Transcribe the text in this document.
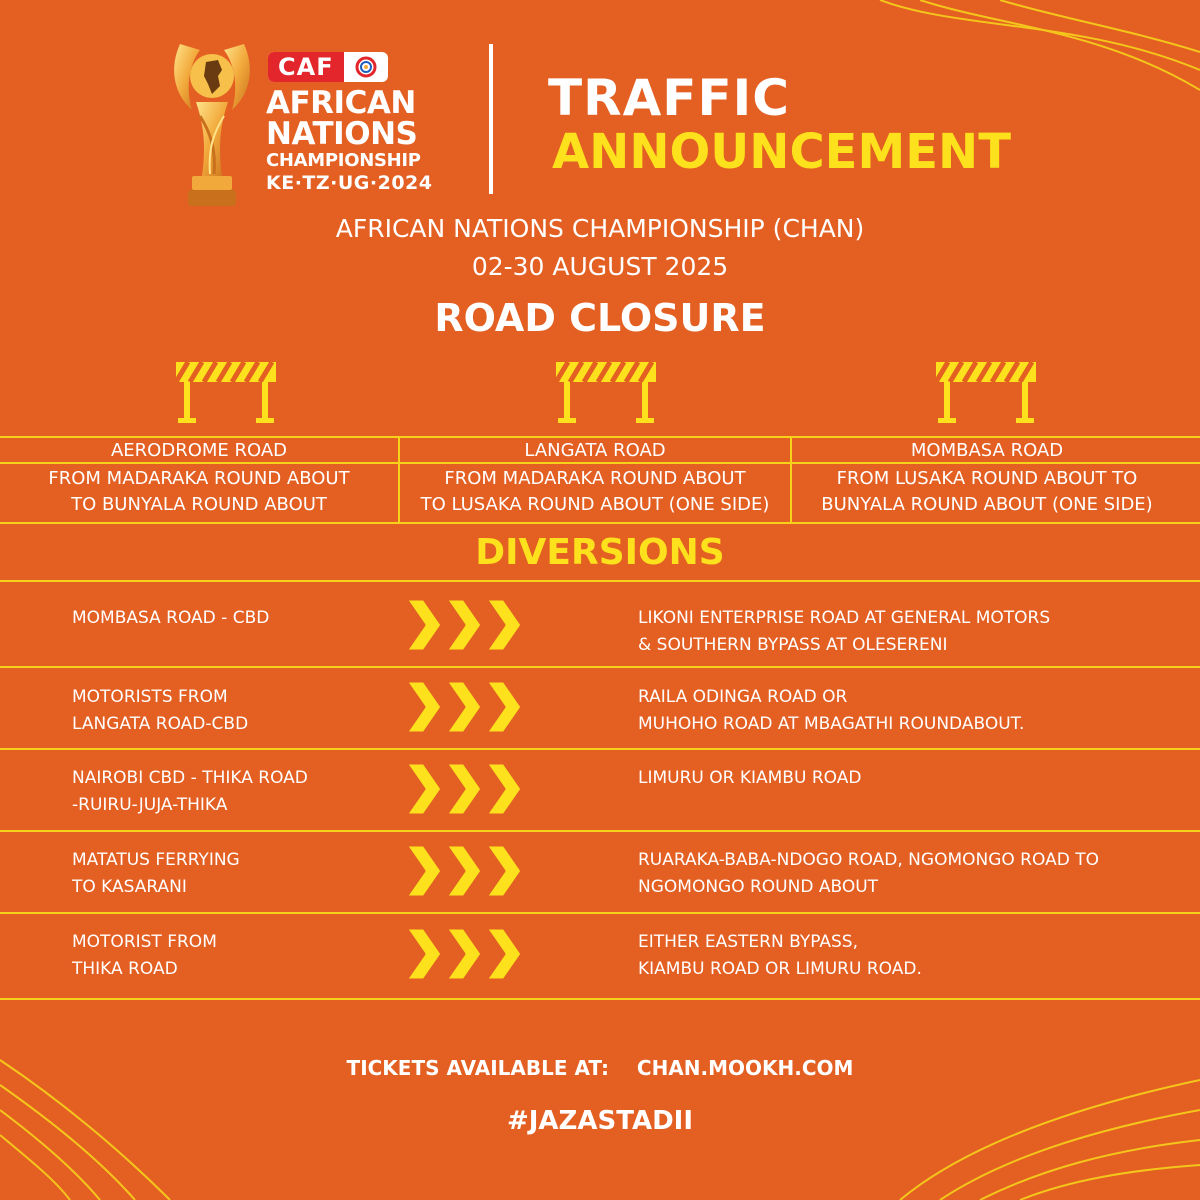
CAF
AFRICAN
NATIONS
CHAMPIONSHIP
KE·TZ·UG·2024
TRAFFIC
ANNOUNCEMENT
AFRICAN NATIONS CHAMPIONSHIP (CHAN)
02-30 AUGUST 2025
ROAD CLOSURE
AERODROME ROAD
FROM MADARAKA ROUND ABOUT
TO BUNYALA ROUND ABOUT
LANGATA ROAD
FROM MADARAKA ROUND ABOUT
TO LUSAKA ROUND ABOUT (ONE SIDE)
MOMBASA ROAD
FROM LUSAKA ROUND ABOUT TO
BUNYALA ROUND ABOUT (ONE SIDE)
DIVERSIONS
MOMBASA ROAD - CBD	LIKONI ENTERPRISE ROAD AT GENERAL MOTORS
& SOUTHERN BYPASS AT OLESERENI
MOTORISTS FROM
LANGATA ROAD-CBD
RAILA ODINGA ROAD OR
MUHOHO ROAD AT MBAGATHI ROUNDABOUT.
NAIROBI CBD - THIKA ROAD
-RUIRU-JUJA-THIKA
LIMURU OR KIAMBU ROAD
MATATUS FERRYING
TO KASARANI
RUARAKA-BABA-NDOGO ROAD, NGOMONGO ROAD TO
NGOMONGO ROUND ABOUT
MOTORIST FROM
THIKA ROAD
EITHER EASTERN BYPASS,
KIAMBU ROAD OR LIMURU ROAD.
TICKETS AVAILABLE AT: CHAN.MOOKH.COM
#JAZASTADII
